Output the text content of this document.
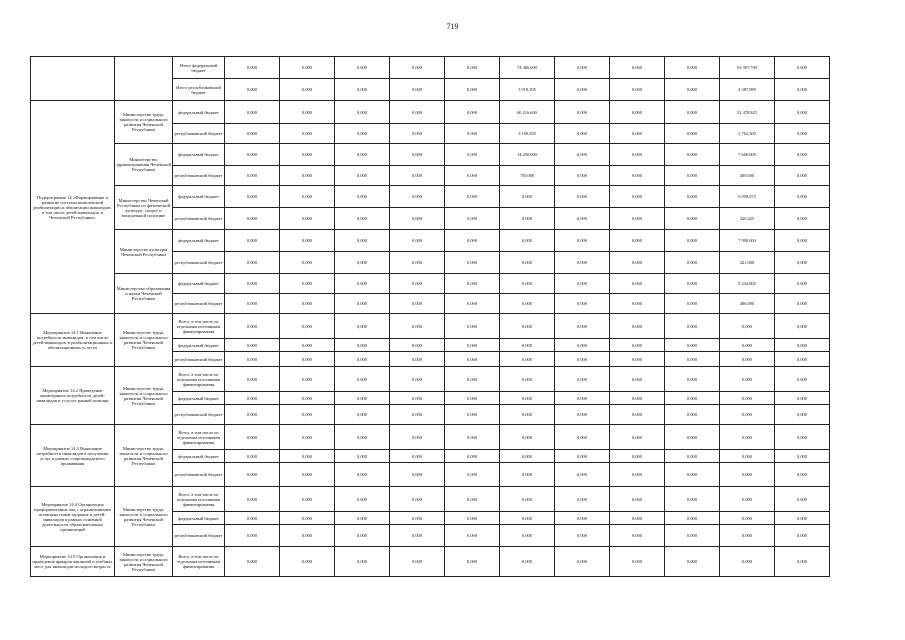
719
		Итого федеральный бюджет	0,000	0,000	0,000	0,000	0,000	74 466,600	0,000	0,000	0,000	63 397,700	0,000
		Итого республиканский бюджет	0,000	0,000	0,000	0,000	0,000	3 919,295	0,000	0,000	0,000	4 387,989	0,000
Подпрограмма 14 «Формирование и развитие системы комплексной реабилитации и абилитации инвалидов, в том числе детей-инвалидов, в Чеченской Республике»	Министерство труда, занятости и социального развития Чеченской Республики	федеральный бюджет	0,000	0,000	0,000	0,000	0,000	60 216,600	0,000	0,000	0,000	52 478,825	0,000
		республиканский бюджет	0,000	0,000	0,000	0,000	0,000	3 169,295	0,000	0,000	0,000	2 762,300	0,000
	Министерство здравоохранения Чеченской Республики	федеральный бюджет	0,000	0,000	0,000	0,000	0,000	14 250,000	0,000	0,000	0,000	7 660,000	0,000
		республиканский бюджет	0,000	0,000	0,000	0,000	0,000	750,000	0,000	0,000	0,000	400,000	0,000
	Министерство Чеченской Республики по физической культуре, спорту и молодежной политике	федеральный бюджет	0,000	0,000	0,000	0,000	0,000	0,000	0,000	0,000	0,000	6 058,075	0,000
		республиканский бюджет	0,000	0,000	0,000	0,000	0,000	0,000	0,000	0,000	0,000	320,425	0,000
	Министерство культуры Чеченской Республики	федеральный бюджет	0,000	0,000	0,000	0,000	0,000	0,000	0,000	0,000	0,000	7 990,000	0,000
		республиканский бюджет	0,000	0,000	0,000	0,000	0,000	0,000	0,000	0,000	0,000	421,000	0,000
	Министерство образования и науки Чеченской Республики	федеральный бюджет	0,000	0,000	0,000	0,000	0,000	0,000	0,000	0,000	0,000	9 234,000	0,000
		республиканский бюджет	0,000	0,000	0,000	0,000	0,000	0,000	0,000	0,000	0,000	486,000	0,000
Мероприятие 14.1 Выявление потребности инвалидов, в том числе детей-инвалидов, в реабилитационных и абилитационных услугах	Министерство труда, занятости и социального развития Чеченской Республики	Всего, в том числе по отдельным источникам финансирования	0,000	0,000	0,000	0,000	0,000	0,000	0,000	0,000	0,000	0,000	0,000
		федеральный бюджет	0,000	0,000	0,000	0,000	0,000	0,000	0,000	0,000	0,000	0,000	0,000
		республиканский бюджет	0,000	0,000	0,000	0,000	0,000	0,000	0,000	0,000	0,000	0,000	0,000
Мероприятие 14.2 Проведение мониторинга потребности детей-инвалидов в услугах ранней помощи	Министерство труда, занятости и социального развития Чеченской Республики	Всего, в том числе по отдельным источникам финансирования	0,000	0,000	0,000	0,000	0,000	0,000	0,000	0,000	0,000	0,000	0,000
		федеральный бюджет	0,000	0,000	0,000	0,000	0,000	0,000	0,000	0,000	0,000	0,000	0,000
		республиканский бюджет	0,000	0,000	0,000	0,000	0,000	0,000	0,000	0,000	0,000	0,000	0,000
Мероприятие 14.3 Выявление потребности инвалидов в получении услуг в рамках сопровождаемого проживания	Министерство труда, занятости и социального развития Чеченской Республики	Всего, в том числе по отдельным источникам финансирования	0,000	0,000	0,000	0,000	0,000	0,000	0,000	0,000	0,000	0,000	0,000
		федеральный бюджет	0,000	0,000	0,000	0,000	0,000	0,000	0,000	0,000	0,000	0,000	0,000
		республиканский бюджет	0,000	0,000	0,000	0,000	0,000	0,000	0,000	0,000	0,000	0,000	0,000
Мероприятие 14.4 Организация профориентации лиц с ограниченными возможностями здоровья и детей-инвалидов в рамках основной деятельности образовательных организаций	Министерство труда, занятости и социального развития Чеченской Республики	Всего, в том числе по отдельным источникам финансирования	0,000	0,000	0,000	0,000	0,000	0,000	0,000	0,000	0,000	0,000	0,000
		федеральный бюджет	0,000	0,000	0,000	0,000	0,000	0,000	0,000	0,000	0,000	0,000	0,000
		республиканский бюджет	0,000	0,000	0,000	0,000	0,000	0,000	0,000	0,000	0,000	0,000	0,000
Мероприятие 14.5 Организация и проведение ярмарок вакансий и учебных мест для инвалидов молодого возраста	Министерство труда, занятости и социального развития Чеченской Республики	Всего, в том числе по отдельным источникам финансирования	0,000	0,000	0,000	0,000	0,000	0,000	0,000	0,000	0,000	0,000	0,000
